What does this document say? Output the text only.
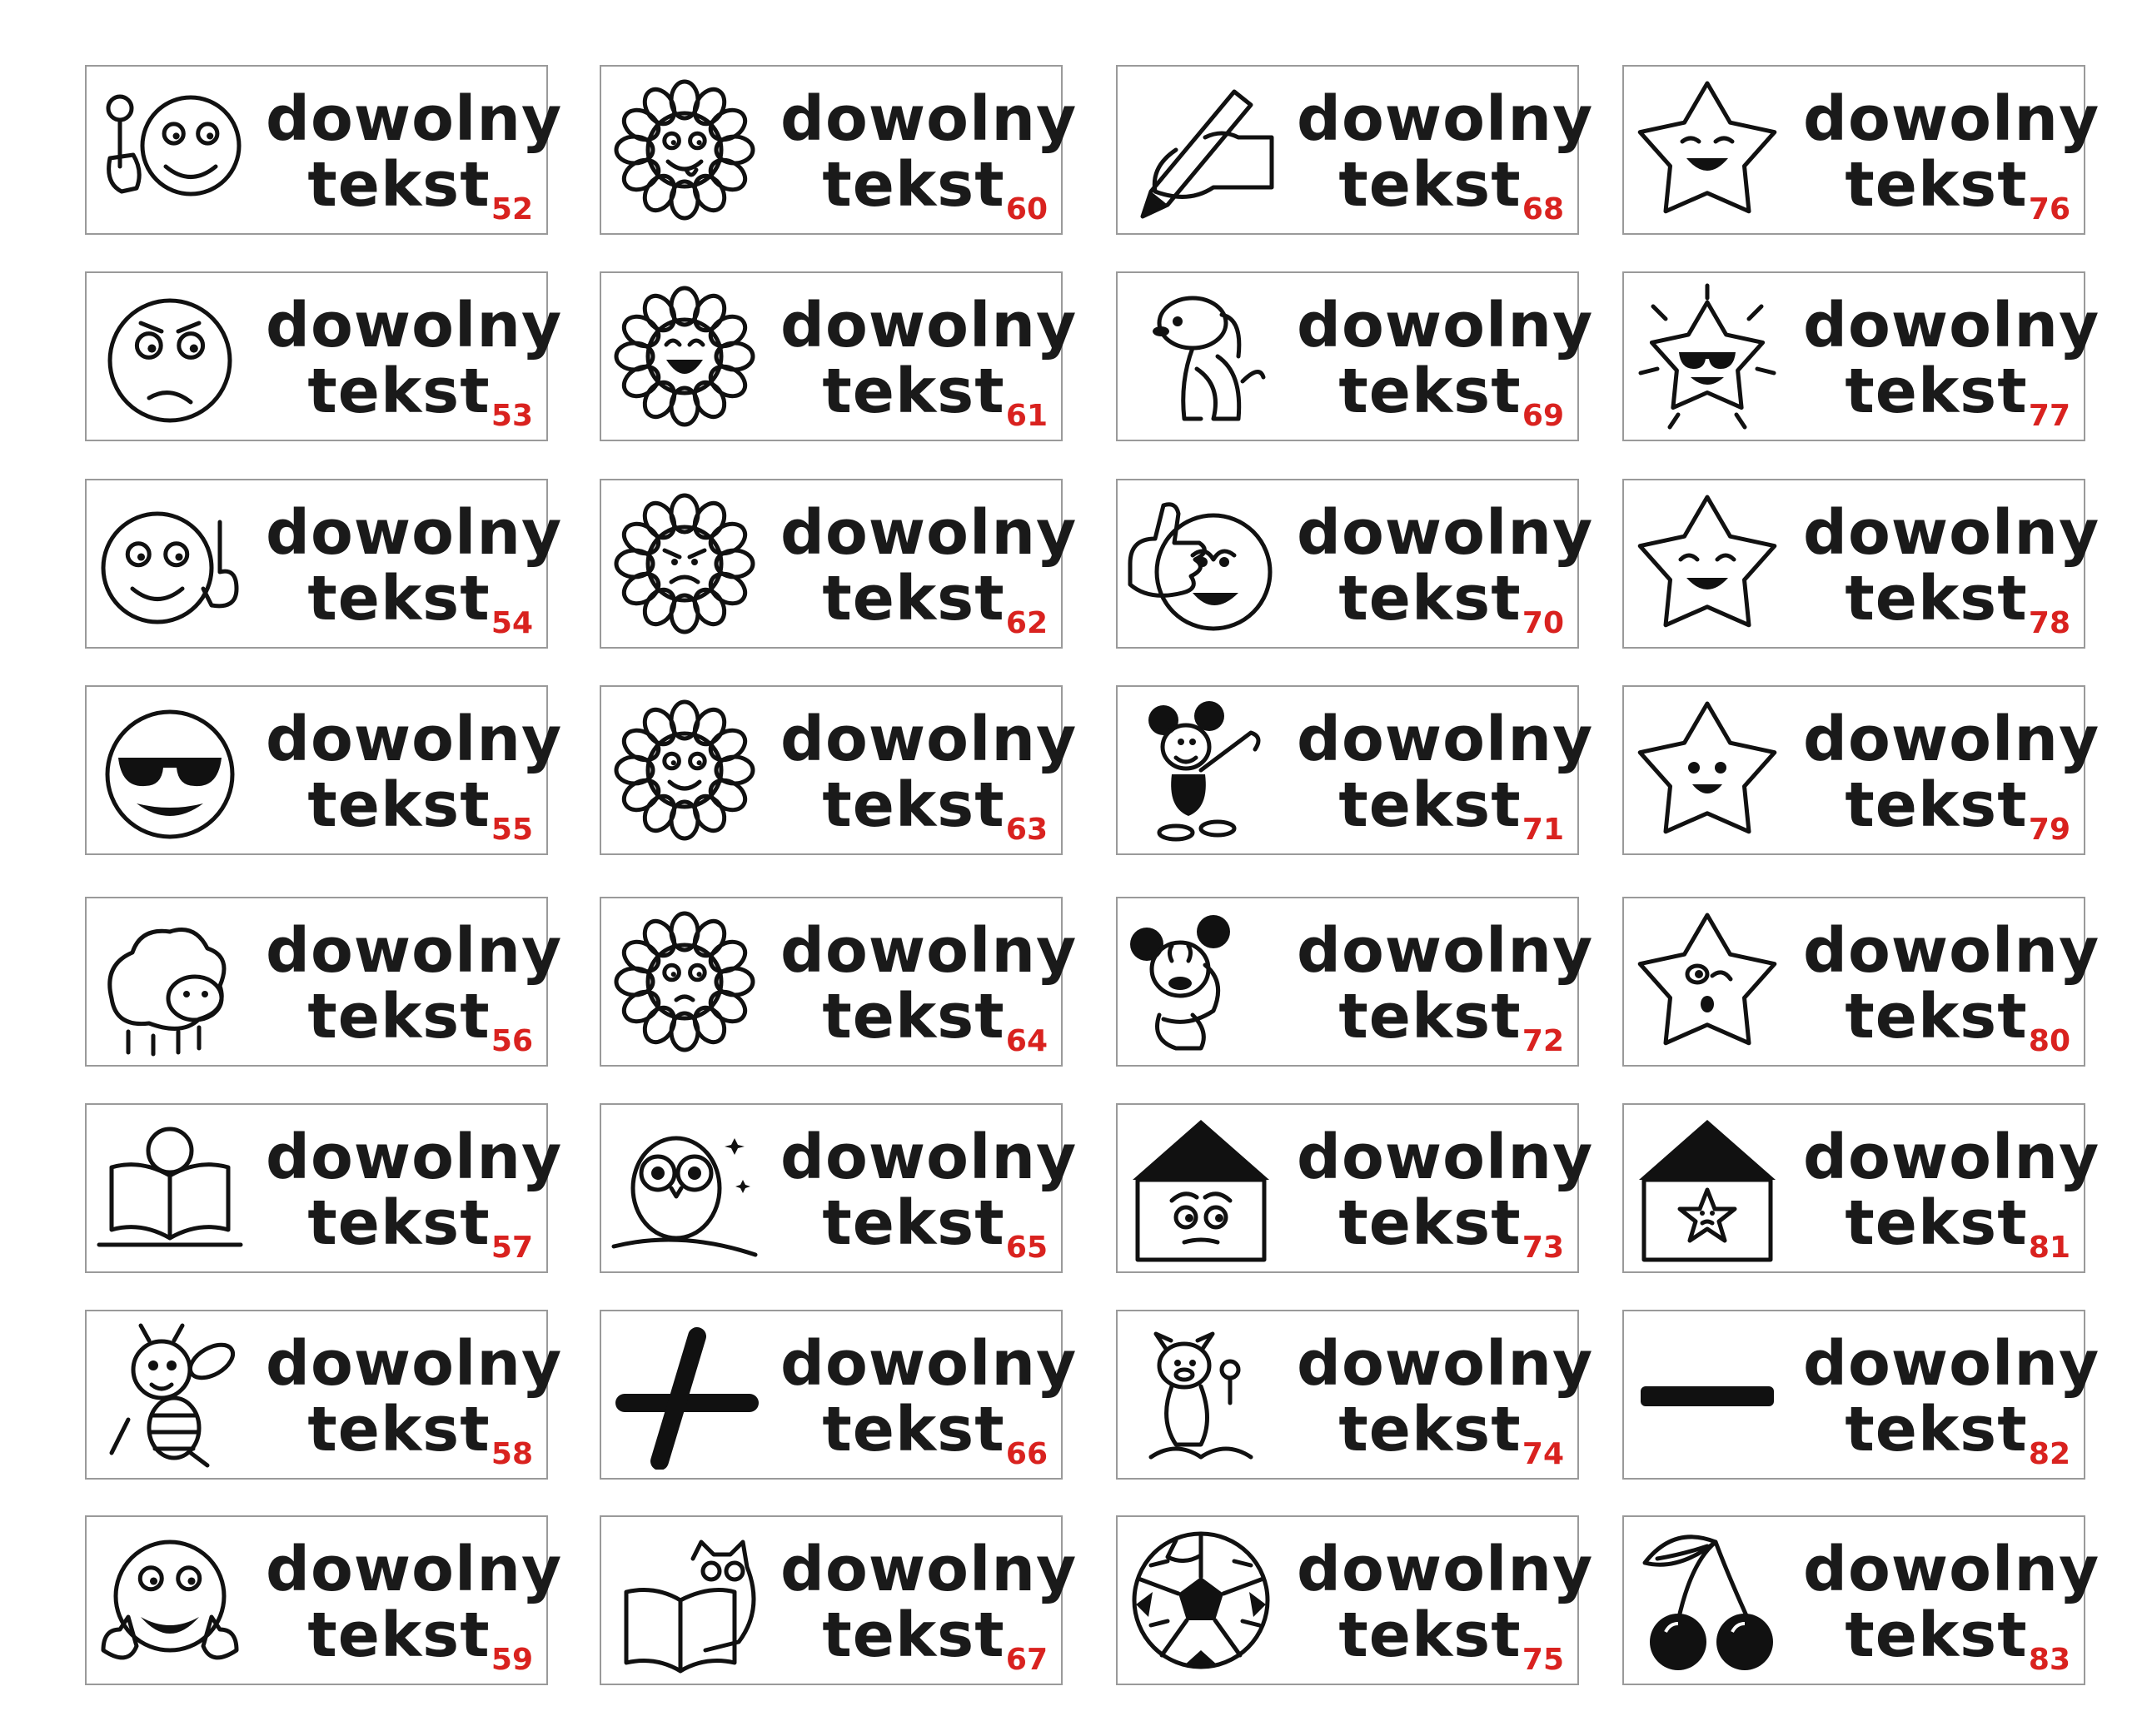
dowolny
tekst 52
dowolny
tekst 53
dowolny
tekst 54
dowolny
tekst 55
dowolny
tekst 56
dowolny
tekst 57
dowolny
tekst 58
dowolny
tekst 59
dowolny
tekst 60
dowolny
tekst 61
dowolny
tekst 62
dowolny
tekst 63
dowolny
tekst 64
dowolny
tekst 65
dowolny
tekst 66
dowolny
tekst 67
dowolny
tekst 68
dowolny
tekst 69
dowolny
tekst 70
dowolny
tekst 71
dowolny
tekst 72
dowolny
tekst 73
dowolny
tekst 74
dowolny
tekst 75
dowolny
tekst 76
dowolny
tekst 77
dowolny
tekst 78
dowolny
tekst 79
dowolny
tekst 80
dowolny
tekst 81
dowolny
tekst 82
dowolny
tekst 83
